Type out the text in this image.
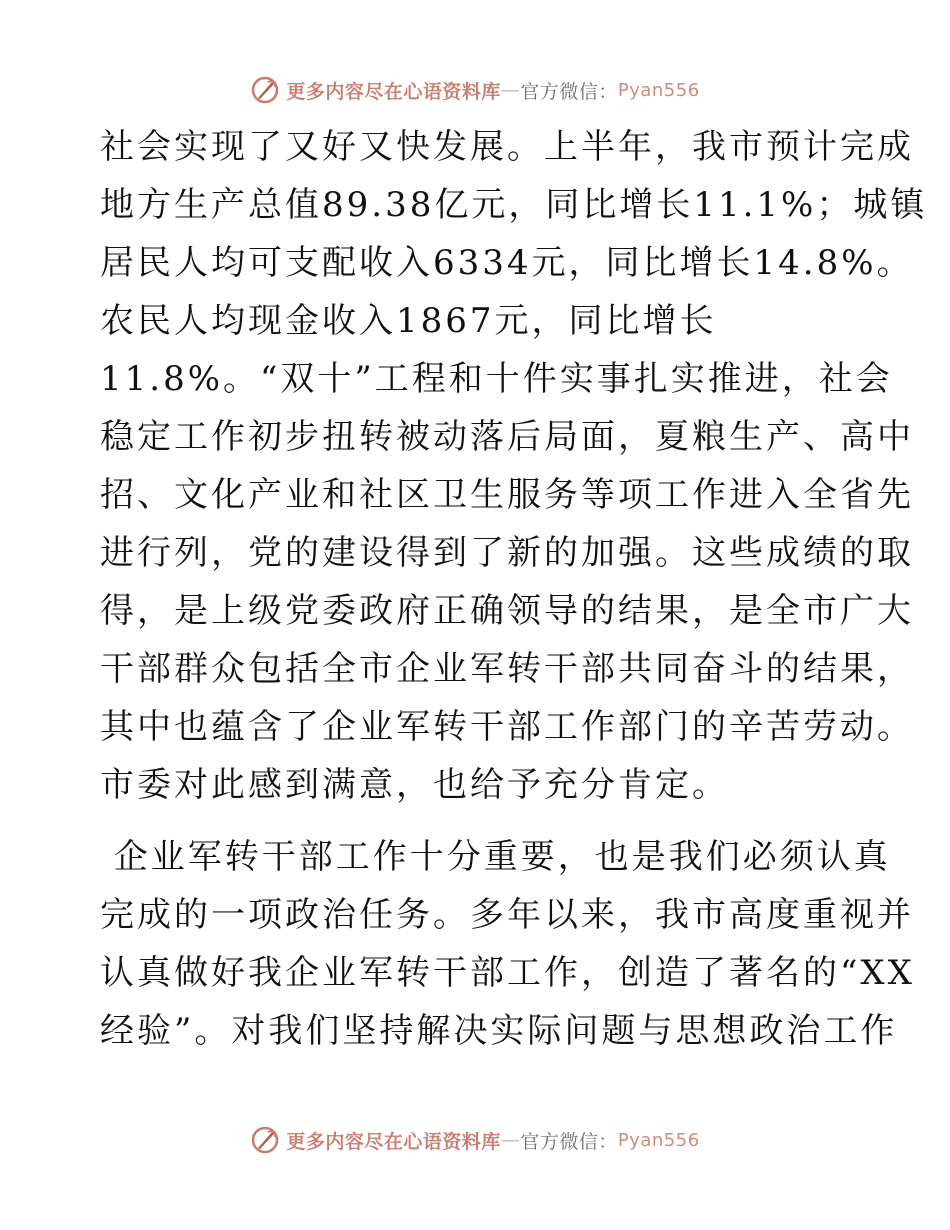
更多内容尽在心语资料库 — 官方微信： Pyan556

社会实现了又好又快发展。上半年，我市预计完成
地方生产总值89.38亿元，同比增长11.1%；城镇
居民人均可支配收入6334元，同比增长14.8%。
农民人均现金收入1867元，同比增长
11.8%。“双十”工程和十件实事扎实推进，社会
稳定工作初步扭转被动落后局面，夏粮生产、高中
招、文化产业和社区卫生服务等项工作进入全省先
进行列，党的建设得到了新的加强。这些成绩的取
得，是上级党委政府正确领导的结果，是全市广大
干部群众包括全市企业军转干部共同奋斗的结果，
其中也蕴含了企业军转干部工作部门的辛苦劳动。
市委对此感到满意，也给予充分肯定。

企业军转干部工作十分重要，也是我们必须认真
完成的一项政治任务。多年以来，我市高度重视并
认真做好我企业军转干部工作，创造了著名的“XX
经验”。对我们坚持解决实际问题与思想政治工作

更多内容尽在心语资料库 — 官方微信： Pyan556
